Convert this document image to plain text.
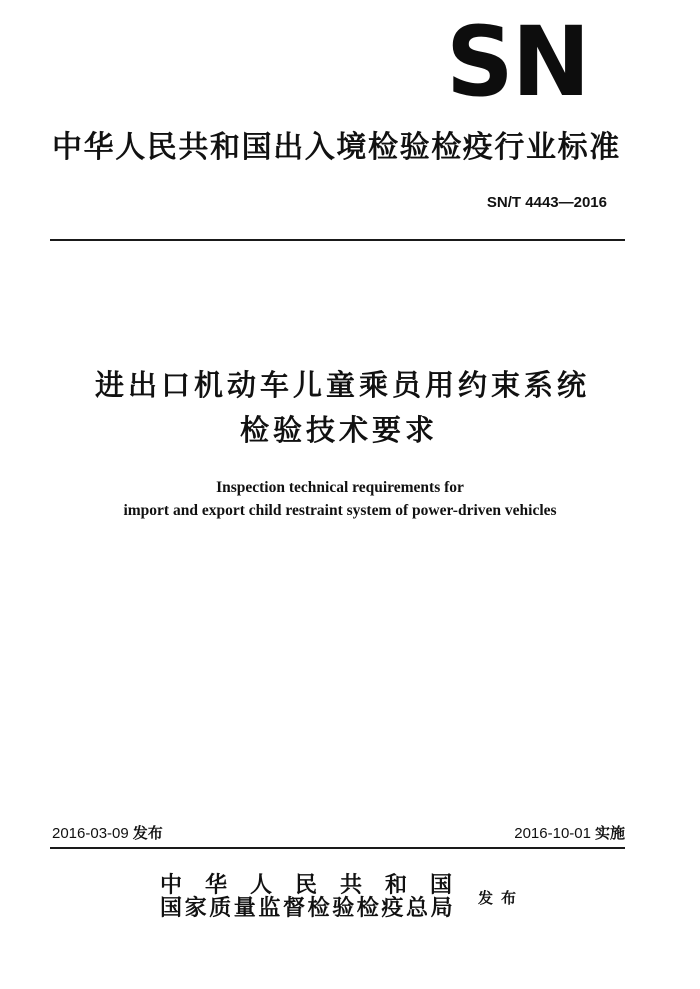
SN
中华人民共和国出入境检验检疫行业标准
SN/T 4443—2016
进出口机动车儿童乘员用约束系统
检验技术要求
Inspection technical requirements for
import and export child restraint system of power-driven vehicles
2016-03-09 发布	2016-10-01 实施
中华人民共和国
国家质量监督检验检疫总局 发布
